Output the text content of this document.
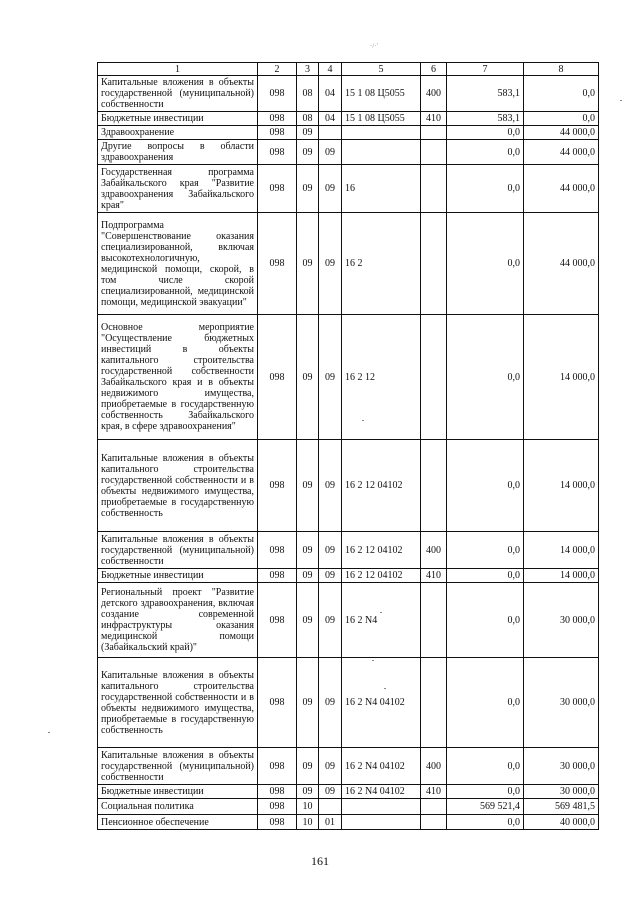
·/·'
1	2	3	4	5	6	7	8
Капитальные вложения в объекты государственной (муниципальной) собственности	098	08	04	15 1 08 Ц5055	400	583,1	0,0
Бюджетные инвестиции	098	08	04	15 1 08 Ц5055	410	583,1	0,0
Здравоохранение	098	09				0,0	44 000,0
Другие вопросы в области здравоохранения	098	09	09			0,0	44 000,0
Государственная программа Забайкальского края "Развитие здравоохранения Забайкальского края"	098	09	09	16		0,0	44 000,0
Подпрограмма "Совершенствование оказания специализированной, включая высокотехнологичную, медицинской помощи, скорой, в том числе скорой специализированной, медицинской помощи, медицинской эвакуации"	098	09	09	16 2		0,0	44 000,0
Основное мероприятие "Осуществление бюджетных инвестиций в объекты капитального строительства государственной собственности Забайкальского края и в объекты недвижимого имущества, приобретаемые в государственную собственность Забайкальского края, в сфере здравоохранения"	098	09	09	16 2 12		0,0	14 000,0
Капитальные вложения в объекты капитального строительства государственной собственности и в объекты недвижимого имущества, приобретаемые в государственную собственность	098	09	09	16 2 12 04102		0,0	14 000,0
Капитальные вложения в объекты государственной (муниципальной) собственности	098	09	09	16 2 12 04102	400	0,0	14 000,0
Бюджетные инвестиции	098	09	09	16 2 12 04102	410	0,0	14 000,0
Региональный проект "Развитие детского здравоохранения, включая создание современной инфраструктуры оказания медицинской помощи (Забайкальский край)"	098	09	09	16 2 N4		0,0	30 000,0
Капитальные вложения в объекты капитального строительства государственной собственности и в объекты недвижимого имущества, приобретаемые в государственную собственность	098	09	09	16 2 N4 04102		0,0	30 000,0
Капитальные вложения в объекты государственной (муниципальной) собственности	098	09	09	16 2 N4 04102	400	0,0	30 000,0
Бюджетные инвестиции	098	09	09	16 2 N4 04102	410	0,0	30 000,0
Социальная политика	098	10				569 521,4	569 481,5
Пенсионное обеспечение	098	10	01			0,0	40 000,0
161
